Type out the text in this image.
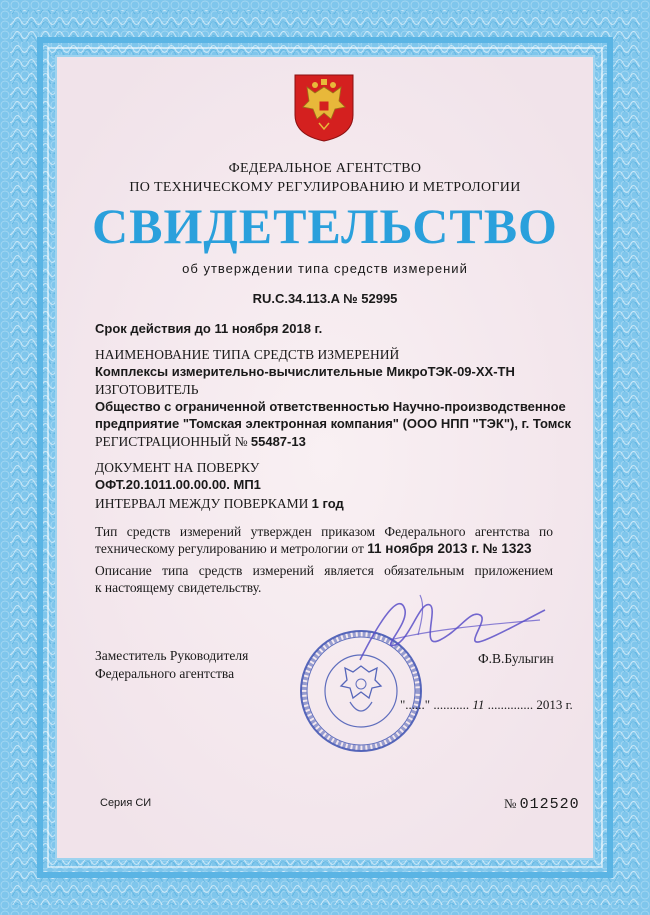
ФЕДЕРАЛЬНОЕ АГЕНТСТВО
ПО ТЕХНИЧЕСКОМУ РЕГУЛИРОВАНИЮ И МЕТРОЛОГИИ
СВИДЕТЕЛЬСТВО
об утверждении типа средств измерений
RU.C.34.113.A № 52995
Срок действия до 11 ноября 2018 г.
НАИМЕНОВАНИЕ ТИПА СРЕДСТВ ИЗМЕРЕНИЙ
Комплексы измерительно-вычислительные МикроТЭК-09-ХХ-ТН
ИЗГОТОВИТЕЛЬ
Общество с ограниченной ответственностью Научно-производственное
предприятие "Томская электронная компания" (ООО НПП "ТЭК"), г. Томск
РЕГИСТРАЦИОННЫЙ № 55487-13
ДОКУМЕНТ НА ПОВЕРКУ
ОФТ.20.1011.00.00.00. МП1
ИНТЕРВАЛ МЕЖДУ ПОВЕРКАМИ 1 год
Тип средств измерений утвержден приказом Федерального агентства по
техническому регулированию и метрологии от 11 ноября 2013 г. № 1323
Описание типа средств измерений является обязательным приложением
к настоящему свидетельству.
Заместитель Руководителя
Федерального агентства
Ф.В.Булыгин
"......" ........... 11 .............. 2013 г.
Серия СИ	№ 012520
